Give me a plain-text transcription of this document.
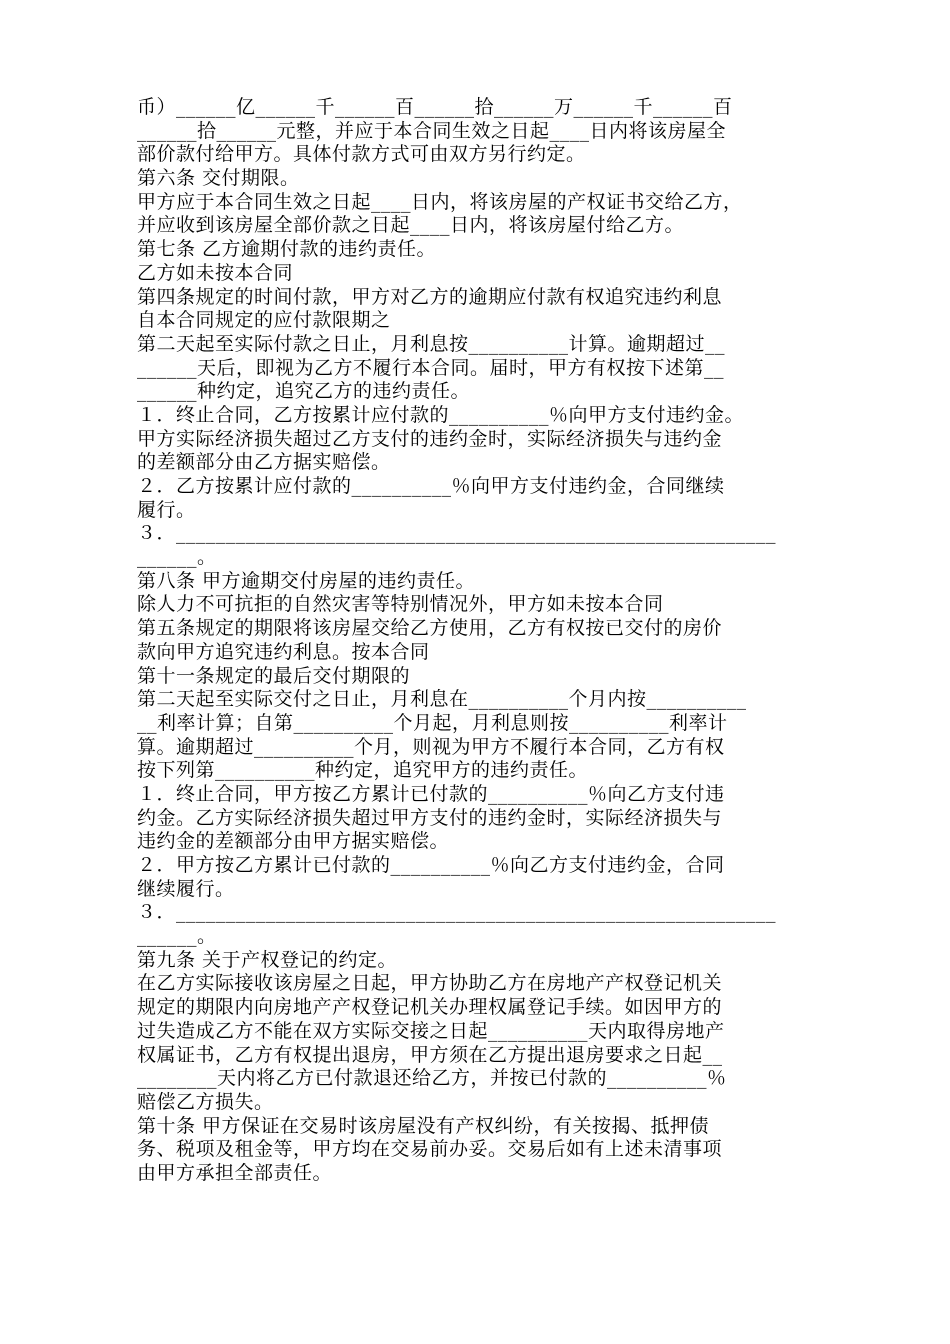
币）______亿______千______百______拾______万______千______百
______拾______元整，并应于本合同生效之日起____日内将该房屋全
部价款付给甲方。具体付款方式可由双方另行约定。
第六条 交付期限。
甲方应于本合同生效之日起____日内，将该房屋的产权证书交给乙方，
并应收到该房屋全部价款之日起____日内，将该房屋付给乙方。
第七条 乙方逾期付款的违约责任。
乙方如未按本合同
第四条规定的时间付款，甲方对乙方的逾期应付款有权追究违约利息
自本合同规定的应付款限期之
第二天起至实际付款之日止，月利息按__________计算。逾期超过__
______天后，即视为乙方不履行本合同。届时，甲方有权按下述第__
______种约定，追究乙方的违约责任。
１．终止合同，乙方按累计应付款的__________％向甲方支付违约金。
甲方实际经济损失超过乙方支付的违约金时，实际经济损失与违约金
的差额部分由乙方据实赔偿。
２．乙方按累计应付款的__________％向甲方支付违约金，合同继续
履行。
３．____________________________________________________________
______。
第八条 甲方逾期交付房屋的违约责任。
除人力不可抗拒的自然灾害等特别情况外，甲方如未按本合同
第五条规定的期限将该房屋交给乙方使用，乙方有权按已交付的房价
款向甲方追究违约利息。按本合同
第十一条规定的最后交付期限的
第二天起至实际交付之日止，月利息在__________个月内按__________
__利率计算；自第__________个月起，月利息则按__________利率计
算。逾期超过__________个月，则视为甲方不履行本合同，乙方有权
按下列第__________种约定，追究甲方的违约责任。
１．终止合同，甲方按乙方累计已付款的__________％向乙方支付违
约金。乙方实际经济损失超过甲方支付的违约金时，实际经济损失与
违约金的差额部分由甲方据实赔偿。
２．甲方按乙方累计已付款的__________％向乙方支付违约金，合同
继续履行。
３．____________________________________________________________
______。
第九条 关于产权登记的约定。
在乙方实际接收该房屋之日起，甲方协助乙方在房地产产权登记机关
规定的期限内向房地产产权登记机关办理权属登记手续。如因甲方的
过失造成乙方不能在双方实际交接之日起__________天内取得房地产
权属证书，乙方有权提出退房，甲方须在乙方提出退房要求之日起__
________天内将乙方已付款退还给乙方，并按已付款的__________％
赔偿乙方损失。
第十条 甲方保证在交易时该房屋没有产权纠纷，有关按揭、抵押债
务、税项及租金等，甲方均在交易前办妥。交易后如有上述未清事项
由甲方承担全部责任。
